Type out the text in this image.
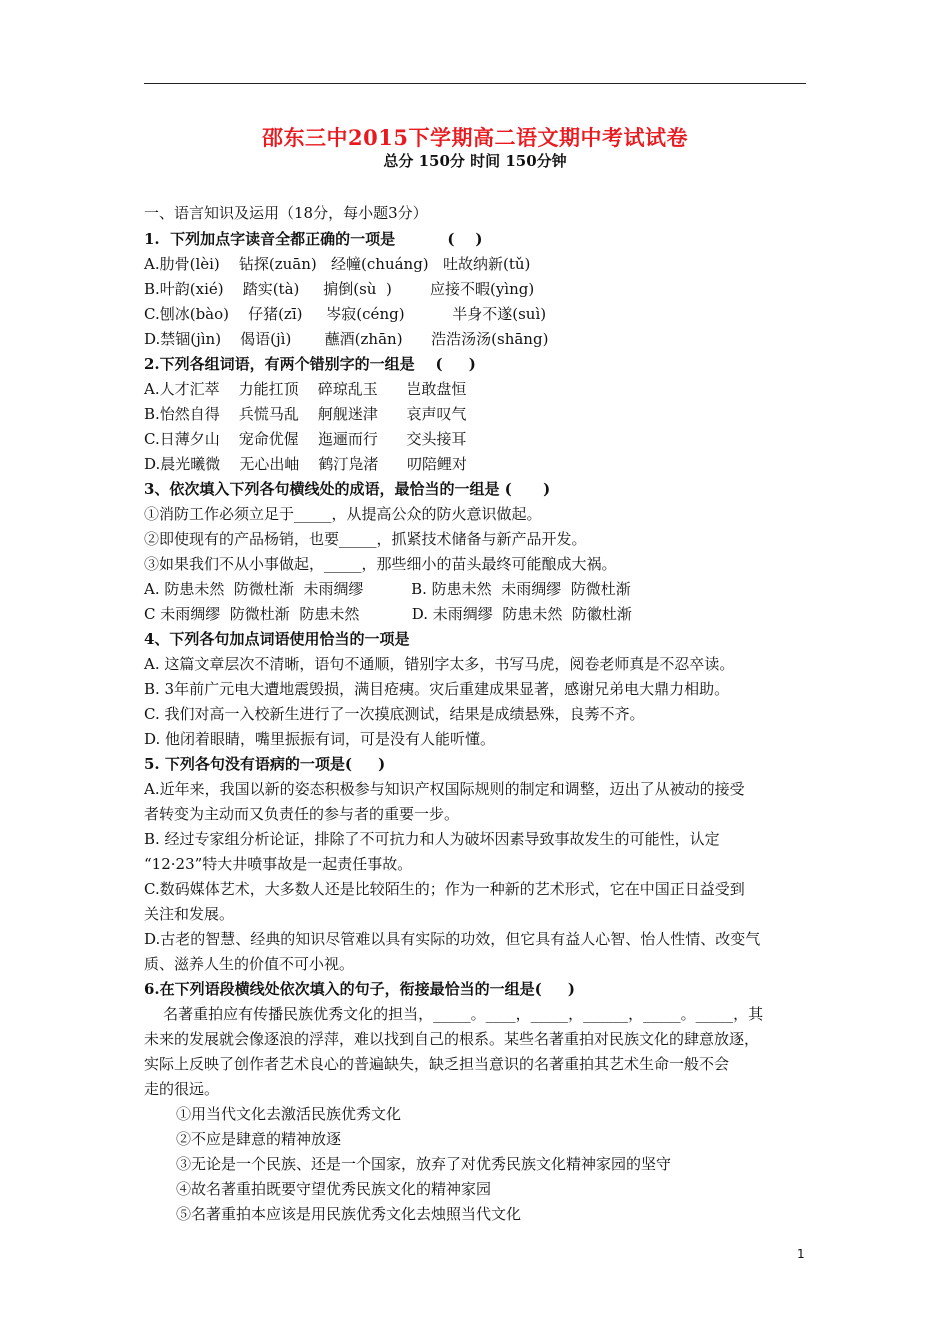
邵东三中2015下学期高二语文期中考试试卷
总分 150分 时间 150分钟
一、语言知识及运用（18分，每小题3分）
1.  下列加点字读音全都正确的一项是          (    )
A.肋骨(lèi)    钻探(zuān)   经幢(chuáng)   吐故纳新(tǔ)
B.叶韵(xié)    踏实(tà)     掮倒(sù  )        应接不暇(yìng)
C.刨冰(bào)    仔猪(zī)     岑寂(céng)          半身不遂(suì)
D.禁锢(jìn)    偈语(jì)       蘸酒(zhān)      浩浩汤汤(shāng)
2.下列各组词语，有两个错别字的一组是    (     )
A.人才汇萃    力能扛顶    碎琼乱玉      岂敢盘恒
B.怡然自得    兵慌马乱    舸舰迷津      哀声叹气
C.日薄夕山    宠命优偓    迤逦而行      交头接耳
D.晨光曦微    无心出岫    鹤汀凫渚      叨陪鲤对
3、依次填入下列各句横线处的成语，最恰当的一组是 (      )
①消防工作必须立足于_____，从提高公众的防火意识做起。
②即使现有的产品杨销，也要_____，抓紧技术储备与新产品开发。
③如果我们不从小事做起，_____，那些细小的苗头最终可能酿成大祸。
A. 防患未然  防微杜渐  未雨绸缪          B. 防患未然  未雨绸缪  防微杜渐
C 未雨绸缪  防微杜渐  防患未然           D. 未雨绸缪  防患未然  防徽杜渐
4、下列各句加点词语使用恰当的一项是
A. 这篇文章层次不清晰，语句不通顺，错别字太多，书写马虎，阅卷老师真是不忍卒读。
B. 3年前广元电大遭地震毁损，满目疮痍。灾后重建成果显著，感谢兄弟电大鼎力相助。
C. 我们对高一入校新生进行了一次摸底测试，结果是成绩悬殊，良莠不齐。
D. 他闭着眼睛，嘴里振振有词，可是没有人能听懂。
5. 下列各句没有语病的一项是(     )
A.近年来，我国以新的姿态积极参与知识产权国际规则的制定和调整，迈出了从被动的接受
者转变为主动而又负责任的参与者的重要一步。
B. 经过专家组分析论证，排除了不可抗力和人为破坏因素导致事故发生的可能性，认定
“12·23”特大井喷事故是一起责任事故。
C.数码媒体艺术，大多数人还是比较陌生的；作为一种新的艺术形式，它在中国正日益受到
关注和发展。
D.古老的智慧、经典的知识尽管难以具有实际的功效，但它具有益人心智、怡人性情、改变气
质、滋养人生的价值不可小视。
6.在下列语段横线处依次填入的句子，衔接最恰当的一组是(     )
名著重拍应有传播民族优秀文化的担当，_____。____，_____，______，_____。_____，其
未来的发展就会像逐浪的浮萍，难以找到自己的根系。某些名著重拍对民族文化的肆意放逐，
实际上反映了创作者艺术良心的普遍缺失，缺乏担当意识的名著重拍其艺术生命一般不会
走的很远。
①用当代文化去激活民族优秀文化
②不应是肆意的精神放逐
③无论是一个民族、还是一个国家，放弃了对优秀民族文化精神家园的坚守
④故名著重拍既要守望优秀民族文化的精神家园
⑤名著重拍本应该是用民族优秀文化去烛照当代文化
1
